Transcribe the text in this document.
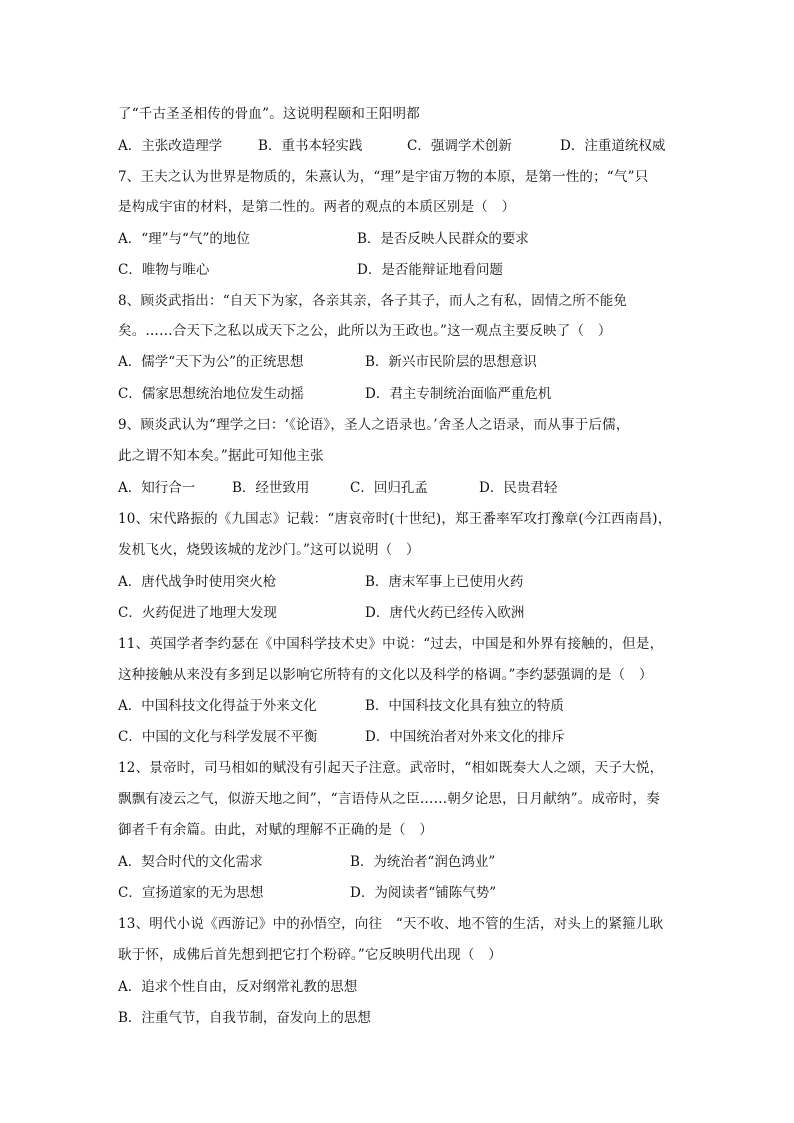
了“千古圣圣相传的骨血”。这说明程颐和王阳明都
A．主张改造理学	B．重书本轻实践	C．强调学术创新	D．注重道统权威
7、王夫之认为世界是物质的，朱熹认为，“理”是宇宙万物的本原，是第一性的；“气”只
是构成宇宙的材料，是第二性的。两者的观点的本质区别是（　）
A．“理”与“气”的地位	B．是否反映人民群众的要求
C．唯物与唯心	D．是否能辩证地看问题
8、顾炎武指出：“自天下为家，各亲其亲，各子其子，而人之有私，固情之所不能免
矣。……合天下之私以成天下之公，此所以为王政也。”这一观点主要反映了（　）
A．儒学“天下为公”的正统思想	B．新兴市民阶层的思想意识
C．儒家思想统治地位发生动摇	D．君主专制统治面临严重危机
9、顾炎武认为“理学之曰：‘《论语》，圣人之语录也。’舍圣人之语录，而从事于后儒，
此之谓不知本矣。”据此可知他主张
A．知行合一	B．经世致用	C．回归孔孟	D．民贵君轻
10、宋代路振的《九国志》记载：“唐哀帝时(十世纪)，郑王番率军攻打豫章(今江西南昌)，
发机飞火，烧毁该城的龙沙门。”这可以说明（　）
A．唐代战争时使用突火枪	B．唐末军事上已使用火药
C．火药促进了地理大发现	D．唐代火药已经传入欧洲
11、英国学者李约瑟在《中国科学技术史》中说：“过去，中国是和外界有接触的，但是，
这种接触从来没有多到足以影响它所特有的文化以及科学的格调。”李约瑟强调的是（　）
A．中国科技文化得益于外来文化	B．中国科技文化具有独立的特质
C．中国的文化与科学发展不平衡	D．中国统治者对外来文化的排斥
12、景帝时，司马相如的赋没有引起天子注意。武帝时，“相如既奏大人之颂，天子大悦，
飘飘有凌云之气，似游天地之间”，“言语侍从之臣……朝夕论思，日月献纳”。成帝时，奏
御者千有余篇。由此，对赋的理解不正确的是（　）
A．契合时代的文化需求	B．为统治者“润色鸿业”
C．宣扬道家的无为思想	D．为阅读者“铺陈气势”
13、明代小说《西游记》中的孙悟空，向往　“天不收、地不管的生活，对头上的紧箍儿耿
耿于怀，成佛后首先想到把它打个粉碎。”它反映明代出现（　）
A．追求个性自由，反对纲常礼教的思想
B．注重气节，自我节制，奋发向上的思想
